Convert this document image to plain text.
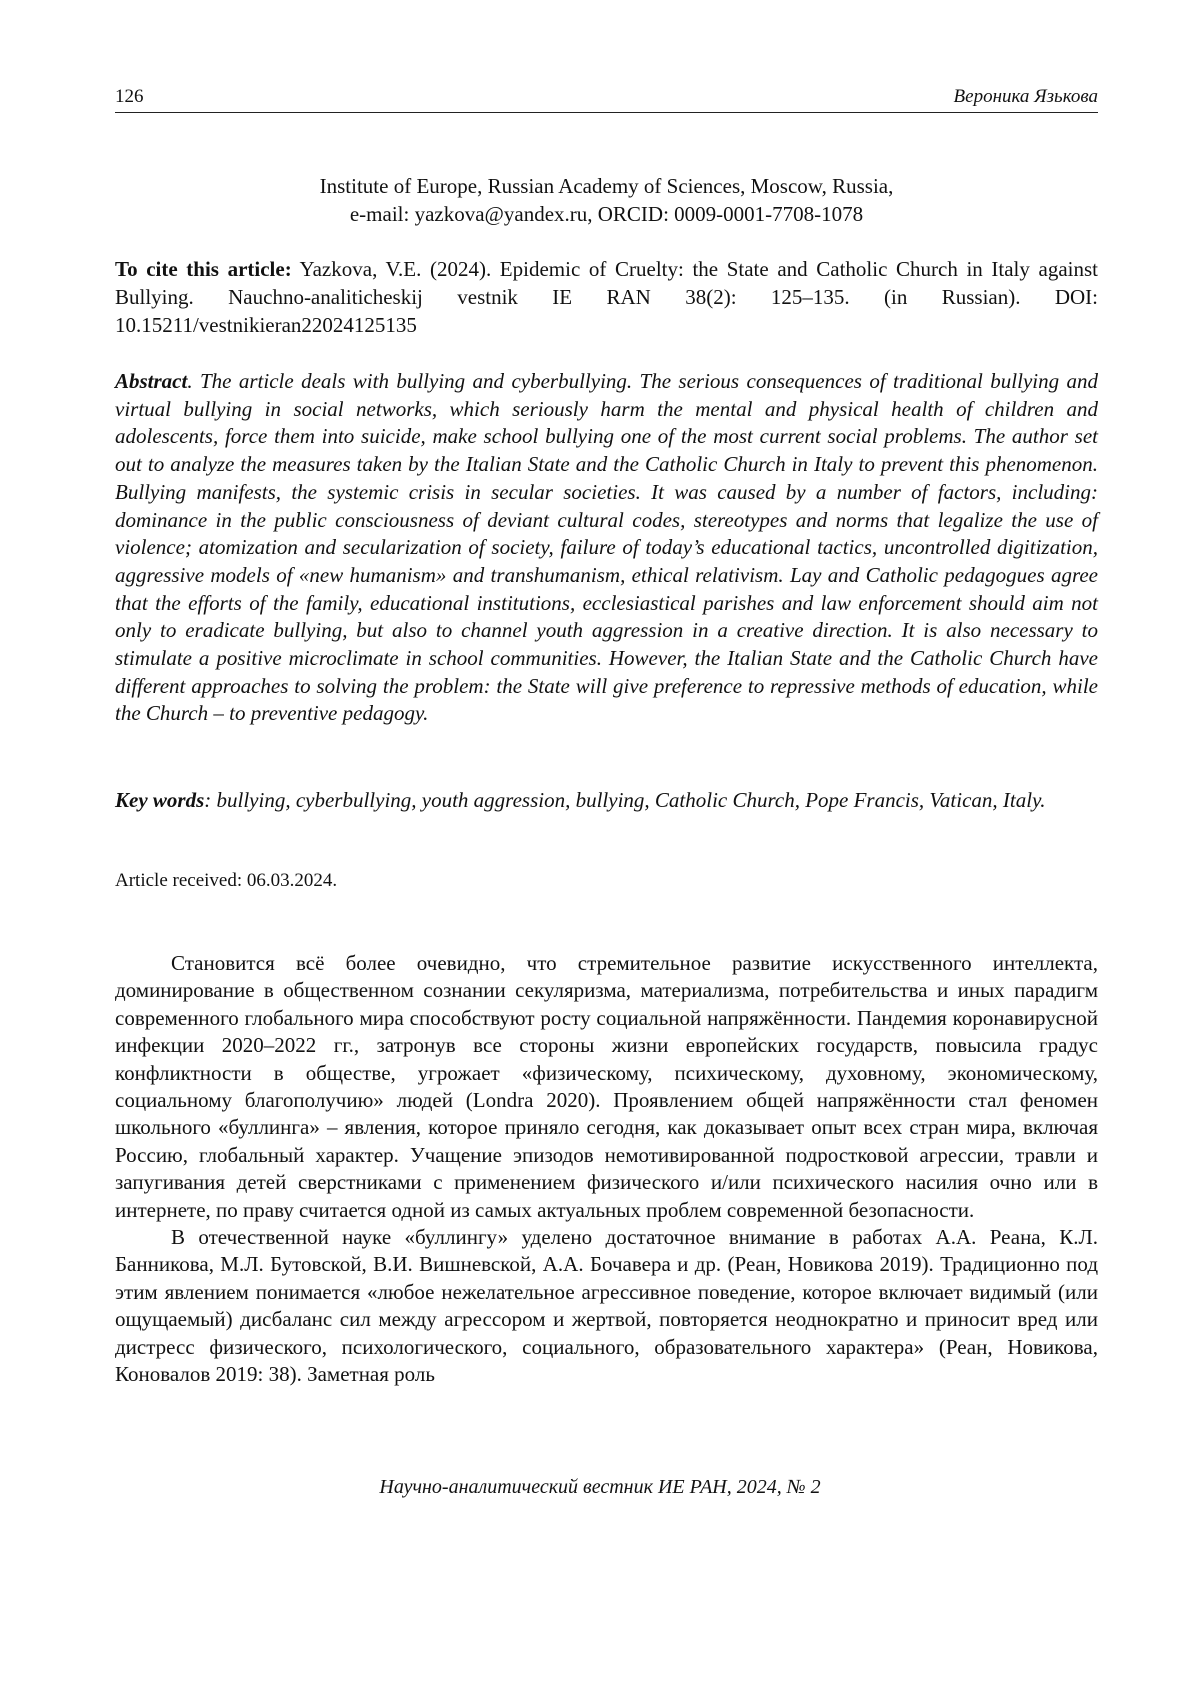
126	Вероника Язькова
Institute of Europe, Russian Academy of Sciences, Moscow, Russia,
e-mail: yazkova@yandex.ru, ORCID: 0009-0001-7708-1078
To cite this article: Yazkova, V.E. (2024). Epidemic of Cruelty: the State and Catholic Church in Italy against Bullying. Nauchno-analiticheskij vestnik IE RAN 38(2): 125–135. (in Russian). DOI: 10.15211/vestnikieran22024125135
Abstract. The article deals with bullying and cyberbullying. The serious consequences of traditional bullying and virtual bullying in social networks, which seriously harm the mental and physical health of children and adolescents, force them into suicide, make school bullying one of the most current social problems. The author set out to analyze the measures taken by the Italian State and the Catholic Church in Italy to prevent this phenomenon. Bullying manifests, the systemic crisis in secular societies. It was caused by a number of factors, including: dominance in the public consciousness of deviant cultural codes, stereotypes and norms that legalize the use of violence; atomization and secularization of society, failure of today’s educational tactics, uncontrolled digitization, aggressive models of «new humanism» and transhumanism, ethical relativism. Lay and Catholic pedagogues agree that the efforts of the family, educational institutions, ecclesiastical parishes and law enforcement should aim not only to eradicate bullying, but also to channel youth aggression in a creative direction. It is also necessary to stimulate a positive microclimate in school communities. However, the Italian State and the Catholic Church have different approaches to solving the problem: the State will give preference to repressive methods of education, while the Church – to preventive pedagogy.
Key words: bullying, cyberbullying, youth aggression, bullying, Catholic Church, Pope Francis, Vatican, Italy.
Article received: 06.03.2024.

Становится всё более очевидно, что стремительное развитие искусственного интеллекта, доминирование в общественном сознании секуляризма, материализма, потребительства и иных парадигм современного глобального мира способствуют росту социальной напряжённости. Пандемия коронавирусной инфекции 2020–2022 гг., затронув все стороны жизни европейских государств, повысила градус конфликтности в обществе, угрожает «физическому, психическому, духовному, экономическому, социальному благополучию» людей (Londra 2020). Проявлением общей напряжённости стал феномен школьного «буллинга» – явления, которое приняло сегодня, как доказывает опыт всех стран мира, включая Россию, глобальный характер. Учащение эпизодов немотивированной подростковой агрессии, травли и запугивания детей сверстниками с применением физического и/или психического насилия очно или в интернете, по праву считается одной из самых актуальных проблем современной безопасности.

В отечественной науке «буллингу» уделено достаточное внимание в работах А.А. Реана, К.Л. Банникова, М.Л. Бутовской, В.И. Вишневской, А.А. Бочавера и др. (Реан, Новикова 2019). Традиционно под этим явлением понимается «любое нежелательное агрессивное поведение, которое включает видимый (или ощущаемый) дисбаланс сил между агрессором и жертвой, повторяется неоднократно и приносит вред или дистресс физического, психологического, социального, образовательного характера» (Реан, Новикова, Коновалов 2019: 38). Заметная роль

Научно-аналитический вестник ИЕ РАН, 2024, № 2
